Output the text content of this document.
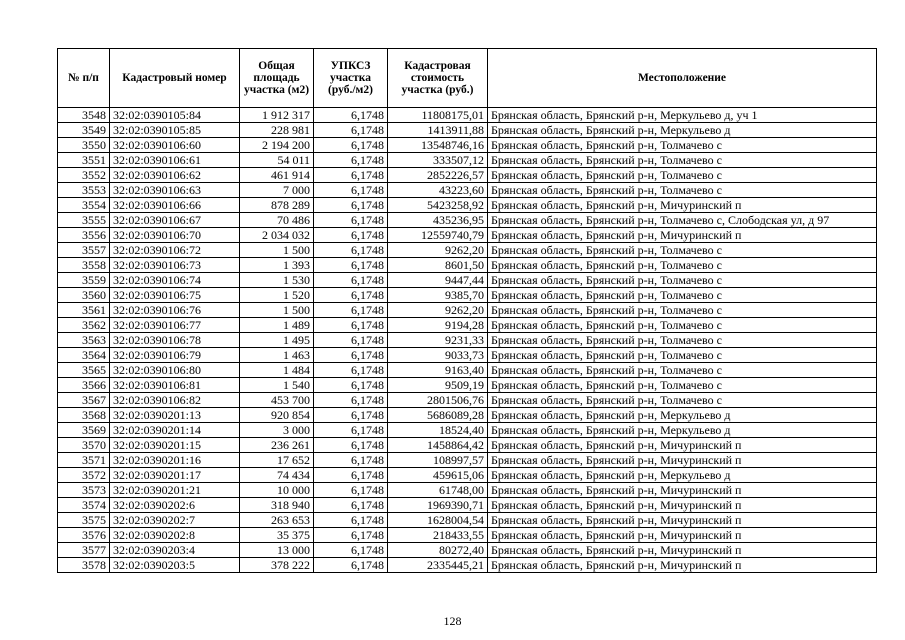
№ п/п	Кадастровый номер	Общая площадь участка (м2)	УПКСЗ участка (руб./м2)	Кадастровая стоимость участка (руб.)	Местоположение
3548	32:02:0390105:84	1 912 317	6,1748	11808175,01	Брянская область, Брянский р-н, Меркульево д, уч 1
3549	32:02:0390105:85	228 981	6,1748	1413911,88	Брянская область, Брянский р-н, Меркульево д
3550	32:02:0390106:60	2 194 200	6,1748	13548746,16	Брянская область, Брянский р-н, Толмачево с
3551	32:02:0390106:61	54 011	6,1748	333507,12	Брянская область, Брянский р-н, Толмачево с
3552	32:02:0390106:62	461 914	6,1748	2852226,57	Брянская область, Брянский р-н, Толмачево с
3553	32:02:0390106:63	7 000	6,1748	43223,60	Брянская область, Брянский р-н, Толмачево с
3554	32:02:0390106:66	878 289	6,1748	5423258,92	Брянская область, Брянский р-н, Мичуринский п
3555	32:02:0390106:67	70 486	6,1748	435236,95	Брянская область, Брянский р-н, Толмачево с, Слободская ул, д 97
3556	32:02:0390106:70	2 034 032	6,1748	12559740,79	Брянская область, Брянский р-н, Мичуринский п
3557	32:02:0390106:72	1 500	6,1748	9262,20	Брянская область, Брянский р-н, Толмачево с
3558	32:02:0390106:73	1 393	6,1748	8601,50	Брянская область, Брянский р-н, Толмачево с
3559	32:02:0390106:74	1 530	6,1748	9447,44	Брянская область, Брянский р-н, Толмачево с
3560	32:02:0390106:75	1 520	6,1748	9385,70	Брянская область, Брянский р-н, Толмачево с
3561	32:02:0390106:76	1 500	6,1748	9262,20	Брянская область, Брянский р-н, Толмачево с
3562	32:02:0390106:77	1 489	6,1748	9194,28	Брянская область, Брянский р-н, Толмачево с
3563	32:02:0390106:78	1 495	6,1748	9231,33	Брянская область, Брянский р-н, Толмачево с
3564	32:02:0390106:79	1 463	6,1748	9033,73	Брянская область, Брянский р-н, Толмачево с
3565	32:02:0390106:80	1 484	6,1748	9163,40	Брянская область, Брянский р-н, Толмачево с
3566	32:02:0390106:81	1 540	6,1748	9509,19	Брянская область, Брянский р-н, Толмачево с
3567	32:02:0390106:82	453 700	6,1748	2801506,76	Брянская область, Брянский р-н, Толмачево с
3568	32:02:0390201:13	920 854	6,1748	5686089,28	Брянская область, Брянский р-н, Меркульево д
3569	32:02:0390201:14	3 000	6,1748	18524,40	Брянская область, Брянский р-н, Меркульево д
3570	32:02:0390201:15	236 261	6,1748	1458864,42	Брянская область, Брянский р-н, Мичуринский п
3571	32:02:0390201:16	17 652	6,1748	108997,57	Брянская область, Брянский р-н, Мичуринский п
3572	32:02:0390201:17	74 434	6,1748	459615,06	Брянская область, Брянский р-н, Меркульево д
3573	32:02:0390201:21	10 000	6,1748	61748,00	Брянская область, Брянский р-н, Мичуринский п
3574	32:02:0390202:6	318 940	6,1748	1969390,71	Брянская область, Брянский р-н, Мичуринский п
3575	32:02:0390202:7	263 653	6,1748	1628004,54	Брянская область, Брянский р-н, Мичуринский п
3576	32:02:0390202:8	35 375	6,1748	218433,55	Брянская область, Брянский р-н, Мичуринский п
3577	32:02:0390203:4	13 000	6,1748	80272,40	Брянская область, Брянский р-н, Мичуринский п
3578	32:02:0390203:5	378 222	6,1748	2335445,21	Брянская область, Брянский р-н, Мичуринский п
128
